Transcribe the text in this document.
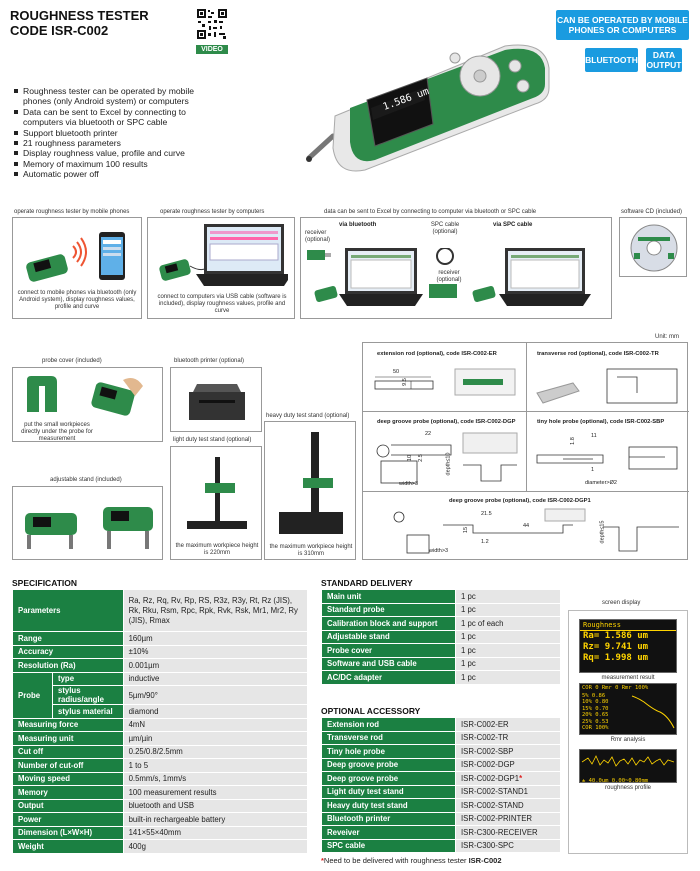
ROUGHNESS TESTER
CODE ISR-C002
VIDEO
CAN BE OPERATED BY MOBILE PHONES OR COMPUTERS
BLUETOOTH	DATA OUTPUT
INSIZE
1.586 um
Roughness tester can be operated by mobile phones (only Android system) or computers
Data can be sent to Excel by connecting to computers via bluetooth or SPC cable
Support bluetooth printer
21 roughness parameters
Display roughness value, profile and curve
Memory of maximum 100 results
Automatic power off
operate roughness tester by mobile phones
connect to mobile phones via bluetooth (only Android system), display roughness values, profile and curve
operate roughness tester by computers
connect to computers via USB cable (software is included), display roughness values, profile and curve
data can be sent to Excel by connecting to computer via bluetooth or SPC cable
via bluetooth
receiver (optional)
SPC cable (optional)
via SPC cable
receiver (optional)
software CD (included)
Unit: mm
probe cover (included)
put the small workpieces directly under the probe for measurement
bluetooth printer (optional)
heavy duty test stand (optional)
the maximum workpiece height is 310mm
light duty test stand (optional)
the maximum workpiece height is 220mm
adjustable stand (included)
extension rod (optional), code ISR-C002-ER
50
9.5
transverse rod (optional), code ISR-C002-TR
deep groove probe (optional), code ISR-C002-DGP
22
10 2.5
width>3
depth≤10
tiny hole probe (optional), code ISR-C002-SBP
11
1.8
1
diameter>Ø2
deep groove probe (optional), code ISR-C002-DGP1
21.5
44
15
1.2
width>3
depth≤15
SPECIFICATION
Parameters		Ra, Rz, Rq, Rv, Rp, RS, R3z, R3y, Rt, Rz (JIS), Rk, Rku, Rsm, Rpc, Rpk, Rvk, Rsk, Mr1, Mr2, Ry (JIS), Rmax
Range		160µm
Accuracy		±10%
Resolution (Ra)		0.001µm
Probe	type	inductive
	stylus radius/angle	5µm/90°
	stylus material	diamond
Measuring force		4mN
Measuring unit		µm/µin
Cut off		0.25/0.8/2.5mm
Number of cut-off		1 to 5
Moving speed		0.5mm/s, 1mm/s
Memory		100 measurement results
Output		bluetooth and USB
Power		built-in rechargeable battery
Dimension (L×W×H)		141×55×40mm
Weight		400g
STANDARD DELIVERY
Main unit	1 pc
Standard probe	1 pc
Calibration block and support	1 pc of each
Adjustable stand	1 pc
Probe cover	1 pc
Software and USB cable	1 pc
AC/DC adapter	1 pc
OPTIONAL ACCESSORY
Extension rod	ISR-C002-ER
Transverse rod	ISR-C002-TR
Tiny hole probe	ISR-C002-SBP
Deep groove probe	ISR-C002-DGP
Deep groove probe	ISR-C002-DGP1*
Light duty test stand	ISR-C002-STAND1
Heavy duty test stand	ISR-C002-STAND
Bluetooth printer	ISR-C002-PRINTER
Reveiver	ISR-C300-RECEIVER
SPC cable	ISR-C300-SPC
*Need to be delivered with roughness tester ISR-C002
screen display
Roughness
Ra= 1.586 um
Rz= 9.741 um
Rq= 1.998 um
measurement result
COR 0 Rmr 0 Rmr 100%
5% 0.86
10% 0.80
15% 0.70
20% 0.65
25% 0.53
COR 100%
Rmr analysis
± 40.0um 0.00~0.80mm
roughness profile
